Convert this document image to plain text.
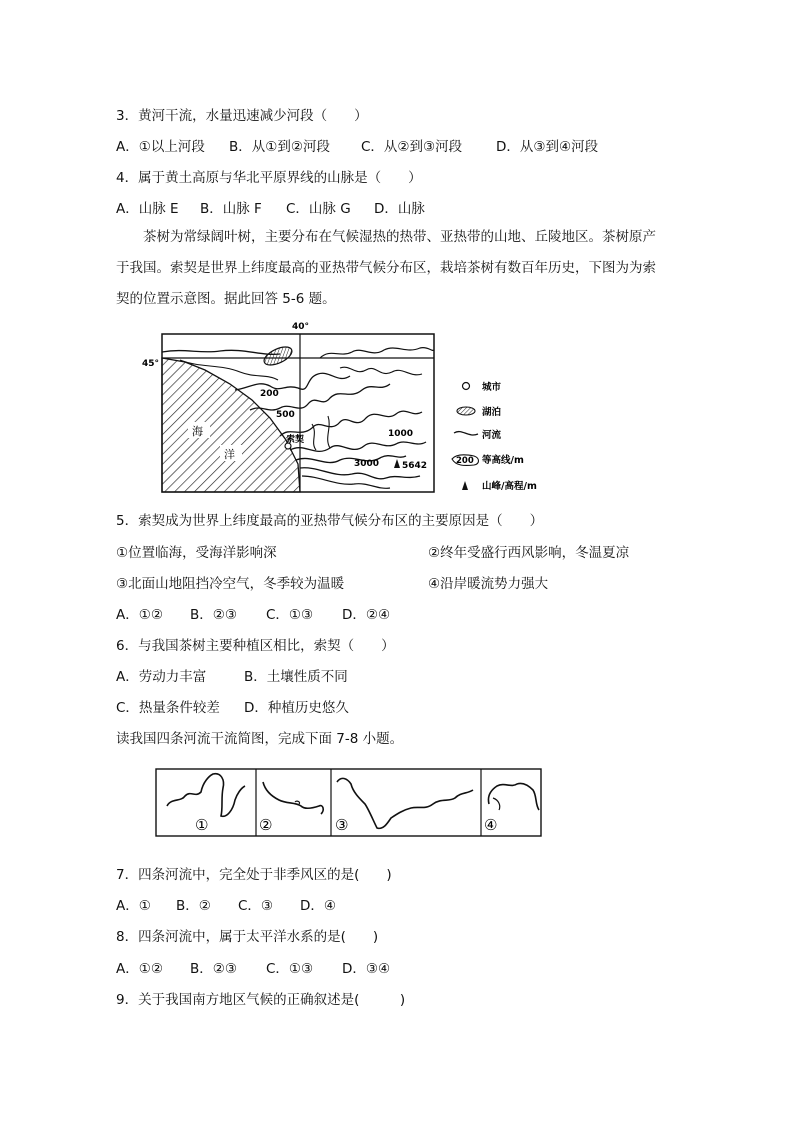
3．黄河干流，水量迅速减少河段（　　）
A．①以上河段 B．从①到②河段 C．从②到③河段	D．从③到④河段
4．属于黄土高原与华北平原界线的山脉是（　　）
A．山脉 E B．山脉 F C．山脉 G D．山脉
茶树为常绿阔叶树，主要分布在气候湿热的热带、亚热带的山地、丘陵地区。茶树原产
于我国。索契是世界上纬度最高的亚热带气候分布区，栽培茶树有数百年历史，下图为为索
契的位置示意图。据此回答 5-6 题。
45°
40°
海
洋
200
500
1000
3000
索契
5642
城市
湖泊
河流
200 等高线/m
山峰/高程/m
5．索契成为世界上纬度最高的亚热带气候分布区的主要原因是（　　）
①位置临海，受海洋影响深	②终年受盛行西风影响，冬温夏凉
③北面山地阻挡冷空气，冬季较为温暖	④沿岸暖流势力强大
A．①② B．②③ C．①③ D．②④
6．与我国茶树主要种植区相比，索契（　　）
A．劳动力丰富	B．土壤性质不同
C．热量条件较差 D．种植历史悠久
读我国四条河流干流简图，完成下面 7-8 小题。
①	②	③	④
7．四条河流中，完全处于非季风区的是(　　)
A．① B．② C．③ D．④
8．四条河流中，属于太平洋水系的是(　　)
A．①② B．②③ C．①③ D．③④
9．关于我国南方地区气候的正确叙述是(　　　)
